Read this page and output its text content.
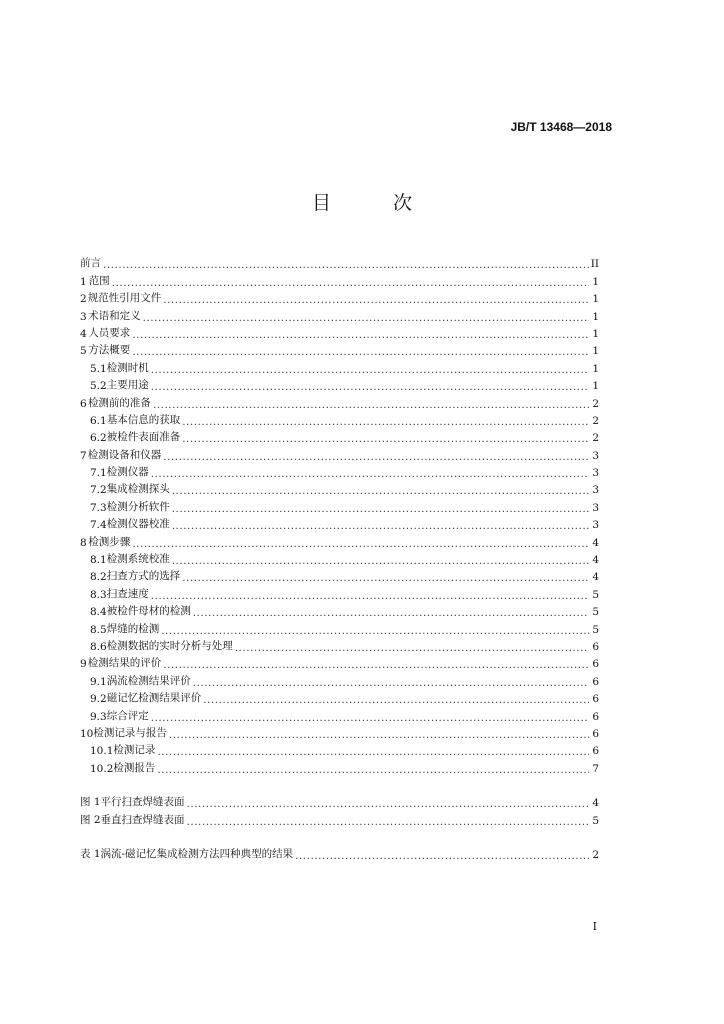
JB/T 13468—2018
目 次
前言 .....	II
1 范围 .....	1
2 规范性引用文件 .....	1
3 术语和定义 .....	1
4 人员要求 .....	1
5 方法概要 .....	1
5.1 检测时机 .....	1
5.2 主要用途 .....	1
6 检测前的准备 .....	2
6.1 基本信息的获取 .....	2
6.2 被检件表面准备 .....	2
7 检测设备和仪器 .....	3
7.1 检测仪器 .....	3
7.2 集成检测探头 .....	3
7.3 检测分析软件 .....	3
7.4 检测仪器校准 .....	3
8 检测步骤 .....	4
8.1 检测系统校准 .....	4
8.2 扫查方式的选择 .....	4
8.3 扫查速度 .....	5
8.4 被检件母材的检测 .....	5
8.5 焊缝的检测 .....	5
8.6 检测数据的实时分析与处理 .....	6
9 检测结果的评价 .....	6
9.1 涡流检测结果评价 .....	6
9.2 磁记忆检测结果评价 .....	6
9.3 综合评定 .....	6
10 检测记录与报告 .....	6
10.1 检测记录 .....	6
10.2 检测报告 .....	7
图 1 平行扫查焊缝表面 .....	4
图 2 垂直扫查焊缝表面 .....	5
表 1 涡流-磁记忆集成检测方法四种典型的结果 .....	2
I
